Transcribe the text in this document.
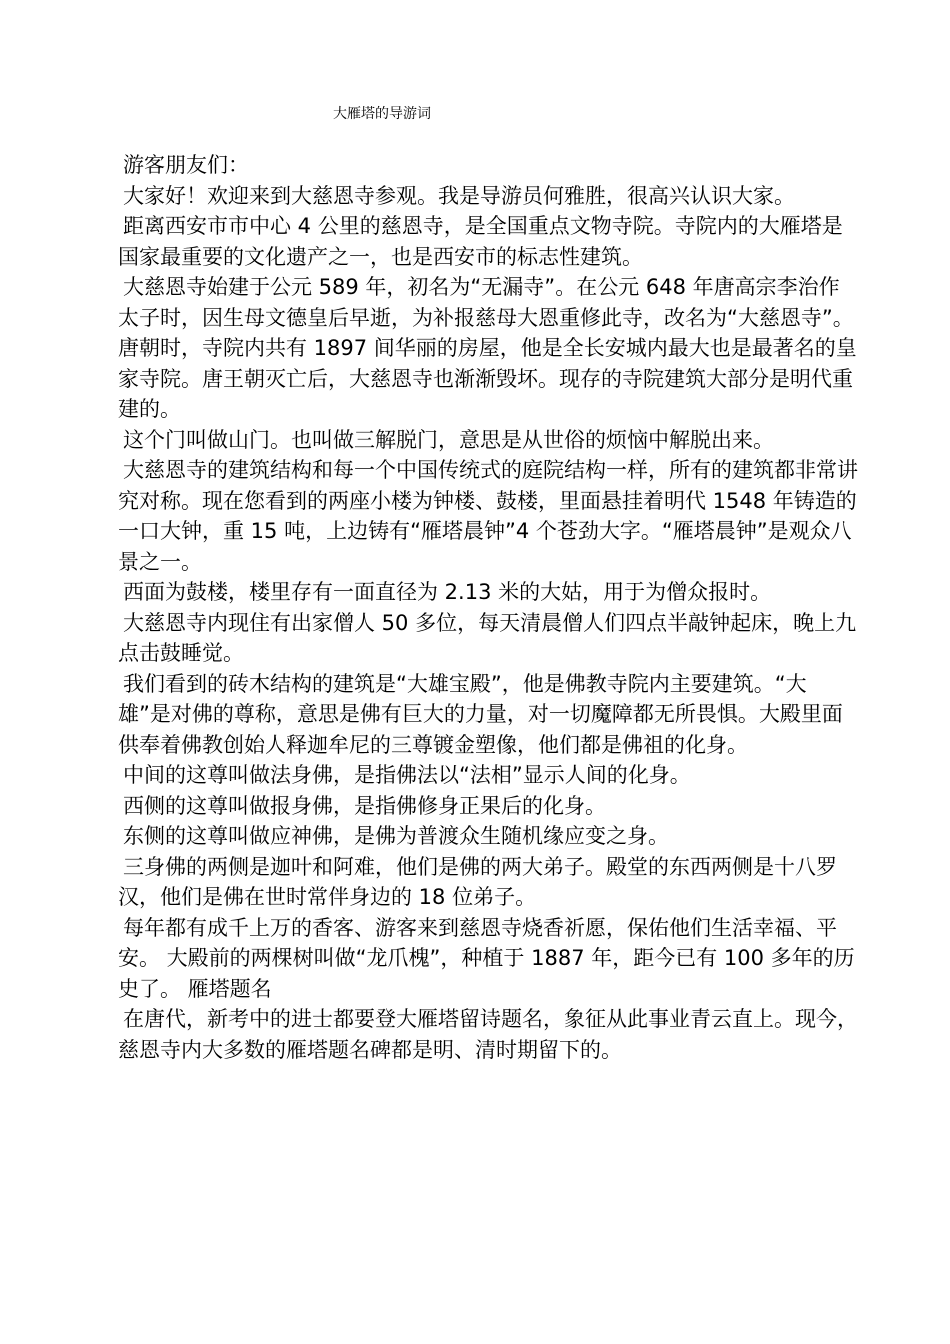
大雁塔的导游词

游客朋友们：

大家好！欢迎来到大慈恩寺参观。我是导游员何雅胜，很高兴认识大家。

距离西安市市中心 4 公里的慈恩寺，是全国重点文物寺院。寺院内的大雁塔是国家最重要的文化遗产之一，也是西安市的标志性建筑。

大慈恩寺始建于公元 589 年，初名为“无漏寺”。在公元 648 年唐高宗李治作太子时，因生母文德皇后早逝，为补报慈母大恩重修此寺，改名为“大慈恩寺”。唐朝时，寺院内共有 1897 间华丽的房屋，他是全长安城内最大也是最著名的皇家寺院。唐王朝灭亡后，大慈恩寺也渐渐毁坏。现存的寺院建筑大部分是明代重建的。

这个门叫做山门。也叫做三解脱门，意思是从世俗的烦恼中解脱出来。

大慈恩寺的建筑结构和每一个中国传统式的庭院结构一样，所有的建筑都非常讲究对称。现在您看到的两座小楼为钟楼、鼓楼，里面悬挂着明代 1548 年铸造的一口大钟，重 15 吨，上边铸有“雁塔晨钟”4 个苍劲大字。“雁塔晨钟”是观众八景之一。

西面为鼓楼，楼里存有一面直径为 2.13 米的大姑，用于为僧众报时。

大慈恩寺内现住有出家僧人 50 多位，每天清晨僧人们四点半敲钟起床，晚上九点击鼓睡觉。

我们看到的砖木结构的建筑是“大雄宝殿”，他是佛教寺院内主要建筑。“大雄”是对佛的尊称，意思是佛有巨大的力量，对一切魔障都无所畏惧。大殿里面供奉着佛教创始人释迦牟尼的三尊镀金塑像，他们都是佛祖的化身。

中间的这尊叫做法身佛，是指佛法以“法相”显示人间的化身。

西侧的这尊叫做报身佛，是指佛修身正果后的化身。

东侧的这尊叫做应神佛，是佛为普渡众生随机缘应变之身。

三身佛的两侧是迦叶和阿难，他们是佛的两大弟子。殿堂的东西两侧是十八罗汉，他们是佛在世时常伴身边的 18 位弟子。

每年都有成千上万的香客、游客来到慈恩寺烧香祈愿，保佑他们生活幸福、平安。 大殿前的两棵树叫做“龙爪槐”，种植于 1887 年，距今已有 100 多年的历史了。 雁塔题名

在唐代，新考中的进士都要登大雁塔留诗题名，象征从此事业青云直上。现今，慈恩寺内大多数的雁塔题名碑都是明、清时期留下的。
